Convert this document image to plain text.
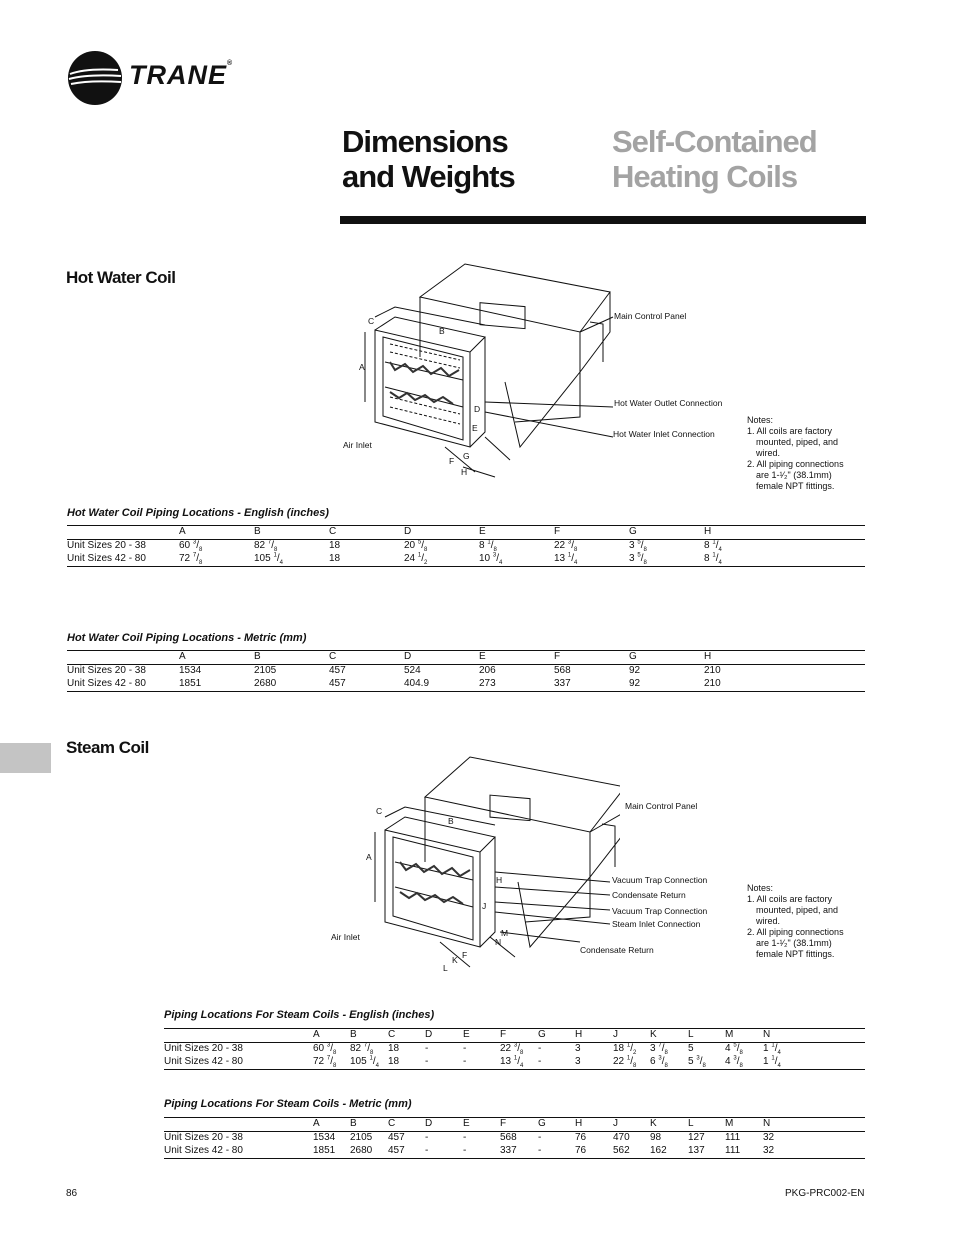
TRANE®
Dimensions
and Weights
Self-Contained
Heating Coils
Hot Water Coil
C
B
A
D
E
F G
H
Air Inlet
Main Control Panel
Hot Water Outlet Connection
Hot Water Inlet Connection
Notes:
1. All coils are factory
mounted, piped, and
wired.
2. All piping connections
are 1-¹⁄₂" (38.1mm)
female NPT fittings.
Hot Water Coil Piping Locations - English (inches)
	A	B	C	D	E	F	G	H
Unit Sizes 20 - 38	60 $^3/_8$	82 $^7/_8$	18	20 $^5/_8$	8 $^1/_8$	22 $^3/_8$	3 $^5/_8$	8 $^1/_4$
Unit Sizes 42 - 80	72 $^7/_8$	105 $^1/_4$	18	24 $^1/_2$	10 $^3/_4$	13 $^1/_4$	3 $^5/_8$	8 $^1/_4$
Hot Water Coil Piping Locations - Metric (mm)
	A	B	C	D	E	F	G	H
Unit Sizes 20 - 38	1534	2105	457	524	206	568	92	210
Unit Sizes 42 - 80	1851	2680	457	404.9	273	337	92	210
Steam Coil
C
B
A
H
J
M
N
F
K
L
Air Inlet
Main Control Panel
Vacuum Trap Connection
Condensate Return
Vacuum Trap Connection
Steam Inlet Connection
Condensate Return
Notes:
1. All coils are factory
mounted, piped, and
wired.
2. All piping connections
are 1-¹⁄₂" (38.1mm)
female NPT fittings.
Piping Locations For Steam Coils - English (inches)
	A	B	C	D	E	F	G	H	J	K	L	M	N
Unit Sizes 20 - 38	60 $^3/_8$	82 $^7/_8$	18	-	-	22 $^3/_8$	-	3	18 $^1/_2$	3 $^7/_8$	5	4 $^5/_8$	1 $^1/_4$
Unit Sizes 42 - 80	72 $^7/_8$	105 $^1/_4$	18	-	-	13 $^1/_4$	-	3	22 $^1/_8$	6 $^3/_8$	5 $^3/_8$	4 $^3/_8$	1 $^1/_4$
Piping Locations For Steam Coils - Metric (mm)
	A	B	C	D	E	F	G	H	J	K	L	M	N
Unit Sizes 20 - 38	1534	2105	457	-	-	568	-	76	470	98	127	111	32
Unit Sizes 42 - 80	1851	2680	457	-	-	337	-	76	562	162	137	111	32
86	PKG-PRC002-EN
